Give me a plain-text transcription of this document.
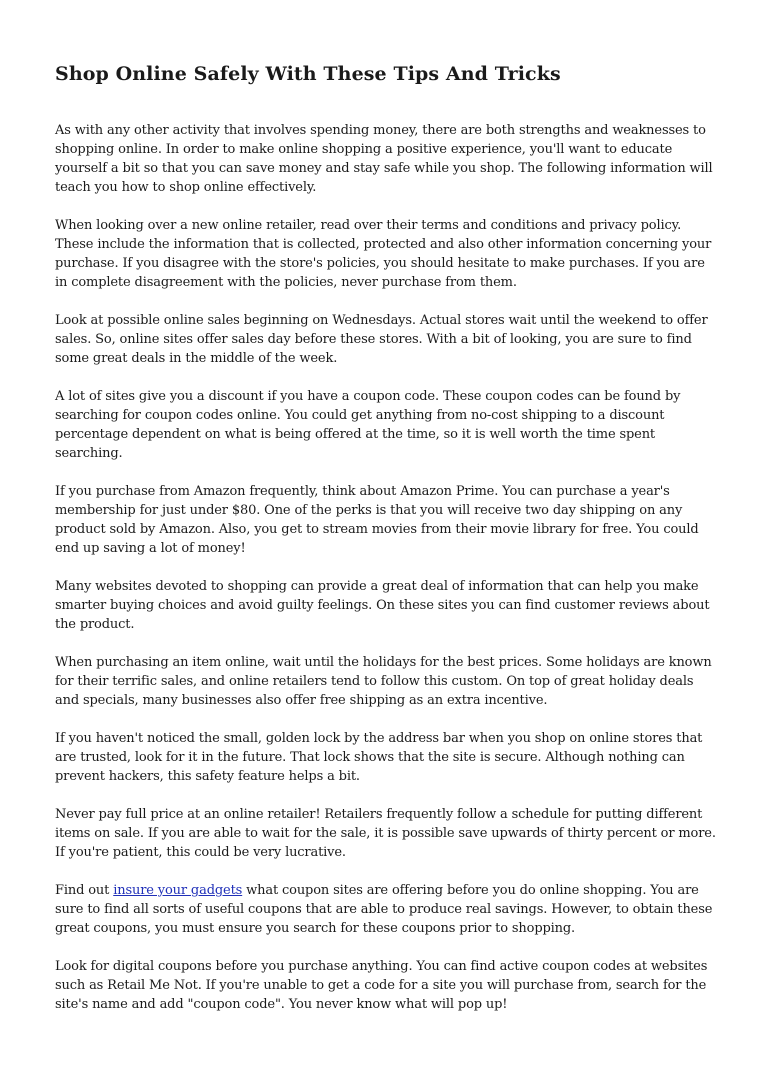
Shop Online Safely With These Tips And Tricks

As with any other activity that involves spending money, there are both strengths and weaknesses to shopping online. In order to make online shopping a positive experience, you'll want to educate yourself a bit so that you can save money and stay safe while you shop. The following information will teach you how to shop online effectively.

When looking over a new online retailer, read over their terms and conditions and privacy policy. These include the information that is collected, protected and also other information concerning your purchase. If you disagree with the store's policies, you should hesitate to make purchases. If you are in complete disagreement with the policies, never purchase from them.

Look at possible online sales beginning on Wednesdays. Actual stores wait until the weekend to offer sales. So, online sites offer sales day before these stores. With a bit of looking, you are sure to find some great deals in the middle of the week.

A lot of sites give you a discount if you have a coupon code. These coupon codes can be found by searching for coupon codes online. You could get anything from no-cost shipping to a discount percentage dependent on what is being offered at the time, so it is well worth the time spent searching.

If you purchase from Amazon frequently, think about Amazon Prime. You can purchase a year's membership for just under $80. One of the perks is that you will receive two day shipping on any product sold by Amazon. Also, you get to stream movies from their movie library for free. You could end up saving a lot of money!

Many websites devoted to shopping can provide a great deal of information that can help you make smarter buying choices and avoid guilty feelings. On these sites you can find customer reviews about the product.

When purchasing an item online, wait until the holidays for the best prices. Some holidays are known for their terrific sales, and online retailers tend to follow this custom. On top of great holiday deals and specials, many businesses also offer free shipping as an extra incentive.

If you haven't noticed the small, golden lock by the address bar when you shop on online stores that are trusted, look for it in the future. That lock shows that the site is secure. Although nothing can prevent hackers, this safety feature helps a bit.

Never pay full price at an online retailer! Retailers frequently follow a schedule for putting different items on sale. If you are able to wait for the sale, it is possible save upwards of thirty percent or more. If you're patient, this could be very lucrative.

Find out insure your gadgets what coupon sites are offering before you do online shopping. You are sure to find all sorts of useful coupons that are able to produce real savings. However, to obtain these great coupons, you must ensure you search for these coupons prior to shopping.

Look for digital coupons before you purchase anything. You can find active coupon codes at websites such as Retail Me Not. If you're unable to get a code for a site you will purchase from, search for the site's name and add "coupon code". You never know what will pop up!
